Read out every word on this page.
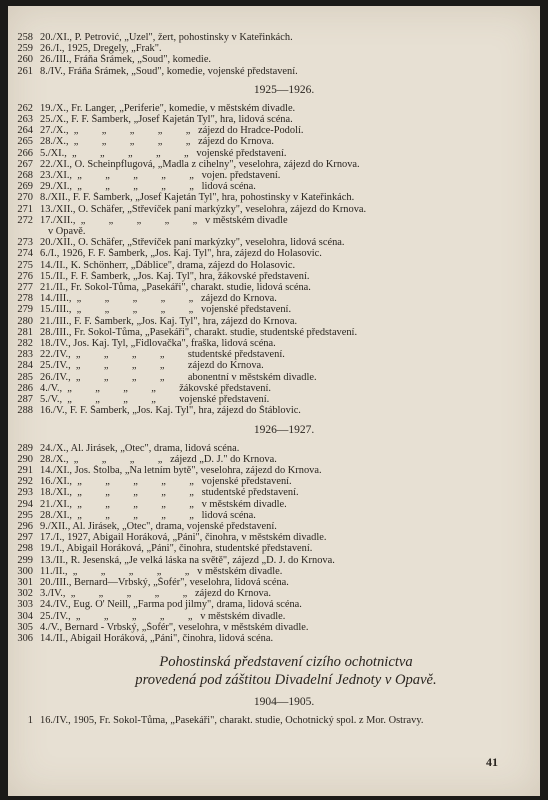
258 20./XI., P. Petrović, „Uzel", žert, pohostinsky v Kateřinkách.
259 26./I., 1925, Dregely, „Frak".
260 26./III., Fráňa Šrámek, „Soud", komedie.
261 8./IV., Fráňa Šrámek, „Soud", komedie, vojenské představení.
1925—1926.
262 19./X., Fr. Langer, „Periferie", komedie, v městském divadle.
263 25./X., F. F. Šamberk, „Josef Kajetán Tyl", hra, lidová scéna.
264 27./X.,  „         „         „         „         „   zájezd do Hradce-Podolí.
265 28./X.,  „         „         „         „         „   zájezd do Krnova.
266 5./XI.,  „         „         „         „         „   vojenské představení.
267 22./XI., O. Scheinpflugová, „Madla z cihelny", veselohra, zájezd do Krnova.
268 23./XI.,  „         „         „         „         „   vojen. představení.
269 29./XI.,  „         „         „         „         „   lidová scéna.
270 8./XII., F. F. Šamberk, „Josef Kajetán Tyl", hra, pohostinsky v Kateřinkách.
271 13./XII., O. Schäfer, „Střevíček paní markýzky", veselohra, zájezd do Krnova.
272 17./XII.,  „         „         „         „         „   v městském divadle
v Opavě.
273 20./XII., O. Schäfer, „Střevíček paní markýzky", veselohra, lidová scéna.
274 6./I., 1926, F. F. Šamberk, „Jos. Kaj. Tyl", hra, zájezd do Holasovic.
275 14./II., K. Schönherr, „Ďáblice", drama, zájezd do Holasovic.
276 15./II., F. F. Šamberk, „Jos. Kaj. Tyl", hra, žákovské představení.
277 21./II., Fr. Sokol-Tůma, „Pasekáři", charakt. studie, lidová scéna.
278 14./III.,  „         „         „         „         „   zájezd do Krnova.
279 15./III.,  „         „         „         „         „   vojenské představení.
280 21./III., F. F. Šamberk, „Jos. Kaj. Tyl", hra, zájezd do Krnova.
281 28./III., Fr. Sokol-Tůma, „Pasekáři", charakt. studie, studentské představení.
282 18./IV., Jos. Kaj. Tyl, „Fidlovačka", fraška, lidová scéna.
283 22./IV.,  „         „         „         „         studentské představení.
284 25./IV.,  „         „         „         „         zájezd do Krnova.
285 26./IV.,  „         „         „         „         abonentní v městském divadle.
286 4./V.,  „         „         „         „         žákovské představení.
287 5./V.,  „         „         „         „         vojenské představení.
288 16./V., F. F. Šamberk, „Jos. Kaj. Tyl", hra, zájezd do Štáblovic.
1926—1927.
289 24./X., Al. Jirásek, „Otec", drama, lidová scéna.
290 28./X.,  „         „         „         „   zájezd „D. J." do Krnova.
291 14./XI., Jos. Štolba, „Na letním bytě", veselohra, zájezd do Krnova.
292 16./XI.,  „         „         „         „         „   vojenské představení.
293 18./XI.,  „         „         „         „         „   studentské představení.
294 21./XI.,  „         „         „         „         „   v městském divadle.
295 28./XI.,  „         „         „         „         „   lidová scéna.
296 9./XII., Al. Jirásek, „Otec", drama, vojenské představení.
297 17./I., 1927, Abigail Horáková, „Páni", činohra, v městském divadle.
298 19./I., Abigail Horáková, „Páni", činohra, studentské představení.
299 13./II., R. Jesenská, „Je velká láska na světě", zájezd „D. J. do Krnova.
300 11./II.,  „         „         „         „         „   v městském divadle.
301 20./III., Bernard—Vrbský, „Šofér", veselohra, lidová scéna.
302 3./IV.,  „         „         „         „         „   zájezd do Krnova.
303 24./IV., Eug. O' Neill, „Farma pod jilmy", drama, lidová scéna.
304 25./IV.,  „         „         „         „         „   v městském divadle.
305 4./V., Bernard - Vrbský, „Šofér", veselohra, v městském divadle.
306 14./II., Abigail Horáková, „Páni", činohra, lidová scéna.
Pohostinská představení cizího ochotnictva
provedená pod záštitou Divadelní Jednoty v Opavě.
1904—1905.
1 16./IV., 1905, Fr. Sokol-Tůma, „Pasekáři", charakt. studie, Ochotnický spol. z Mor. Ostravy.
41
